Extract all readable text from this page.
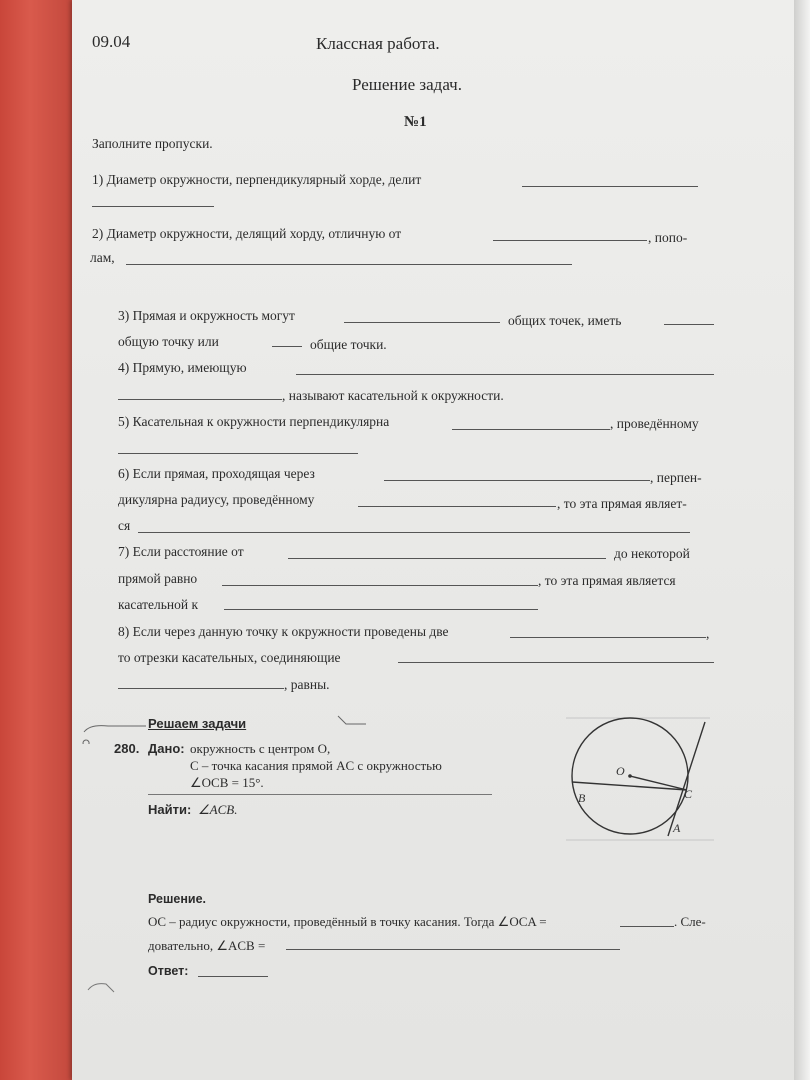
09.04	Классная работа.
Решение задач.
№1
Заполните пропуски.
1) Диаметр окружности, перпендикулярный хорде, делит
2) Диаметр окружности, делящий хорду, отличную от	, попо-
лам,
3) Прямая и окружность могут	общих точек, иметь
общую точку или	общие точки.
4) Прямую, имеющую
, называют касательной к окружности.
5) Касательная к окружности перпендикулярна	, проведённому
6) Если прямая, проходящая через	, перпен-
дикулярна радиусу, проведённому	, то эта прямая являет-
ся
7) Если расстояние от	до некоторой
прямой равно	, то эта прямая является
касательной к
8) Если через данную точку к окружности проведены две	,
то отрезки касательных, соединяющие
, равны.
Решаем задачи
280. Дано: окружность с центром O,
C – точка касания прямой AC с окружностью
∠OCB = 15°.
Найти: ∠ACB.
O
B	C
A
Решение.
OC – радиус окружности, проведённый в точку касания. Тогда ∠OCA =	. Сле-
довательно, ∠ACB =
Ответ:
